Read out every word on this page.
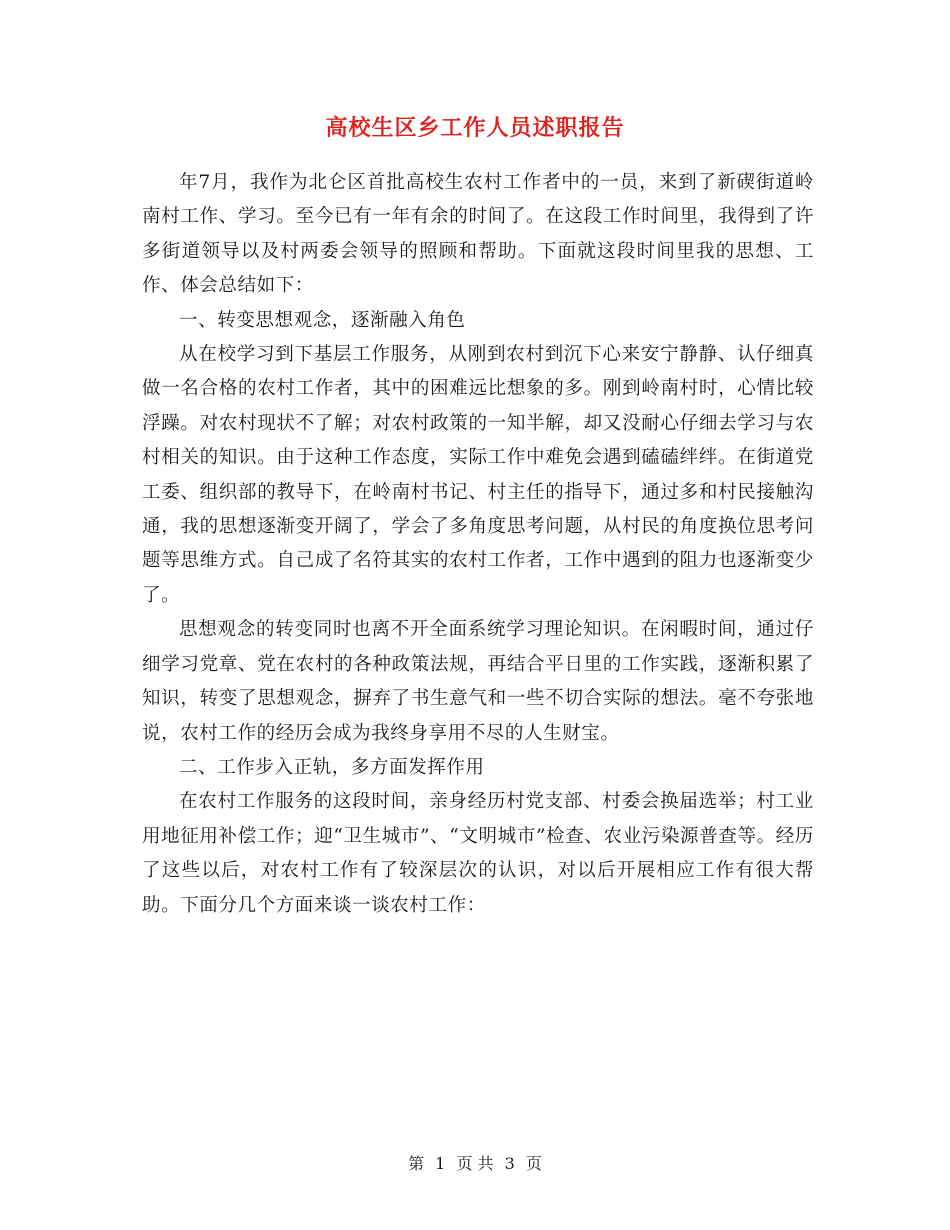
高校生区乡工作人员述职报告

年7月，我作为北仑区首批高校生农村工作者中的一员，来到了新碶街道岭南村工作、学习。至今已有一年有余的时间了。在这段工作时间里，我得到了许多街道领导以及村两委会领导的照顾和帮助。下面就这段时间里我的思想、工作、体会总结如下：

一、转变思想观念，逐渐融入角色

从在校学习到下基层工作服务，从刚到农村到沉下心来安宁静静、认仔细真做一名合格的农村工作者，其中的困难远比想象的多。刚到岭南村时，心情比较浮躁。对农村现状不了解；对农村政策的一知半解，却又没耐心仔细去学习与农村相关的知识。由于这种工作态度，实际工作中难免会遇到磕磕绊绊。在街道党工委、组织部的教导下，在岭南村书记、村主任的指导下，通过多和村民接触沟通，我的思想逐渐变开阔了，学会了多角度思考问题，从村民的角度换位思考问题等思维方式。自己成了名符其实的农村工作者，工作中遇到的阻力也逐渐变少了。

思想观念的转变同时也离不开全面系统学习理论知识。在闲暇时间，通过仔细学习党章、党在农村的各种政策法规，再结合平日里的工作实践，逐渐积累了知识，转变了思想观念，摒弃了书生意气和一些不切合实际的想法。毫不夸张地说，农村工作的经历会成为我终身享用不尽的人生财宝。

二、工作步入正轨，多方面发挥作用

在农村工作服务的这段时间，亲身经历村党支部、村委会换届选举；村工业用地征用补偿工作；迎“卫生城市”、“文明城市”检查、农业污染源普查等。经历了这些以后，对农村工作有了较深层次的认识，对以后开展相应工作有很大帮助。下面分几个方面来谈一谈农村工作：

第 1 页 共 3 页
